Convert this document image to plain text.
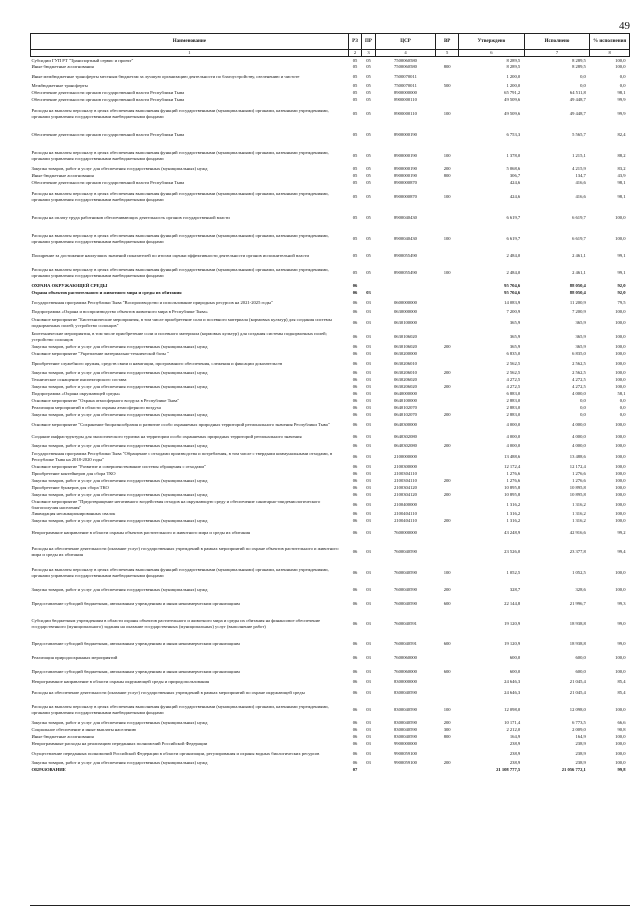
49
Наименование	РЗ	ПР	ЦСР	ВР	Утверждено	Исполнено	% исполнения
1	2	3	4	5	6	7	8
Субсидии ГУП РТ "Транспортный сервис и проект"	05	05	7500060580		8 289,5	8 289,5	100,0
Иные бюджетные ассигнования	05	05	7500060580	800	8 289,5	8 289,5	100,0
Иные межбюджетные трансферты местным бюджетам за лучшую организацию деятельности по благоустройству, озеленению и чистоте	05	05	7500070011		1 200,0	0,0	0,0
Межбюджетные трансферты	05	05	7500070011	500	1 200,0	0,0	0,0
Обеспечение деятельности органов государственной власти Республики Тыва	05	05	8900000000		65 791,2	64 511,8	98,1
Обеспечение деятельности органов государственной власти Республики Тыва	05	05	8900000110		49 509,6	49 448,7	99,9
Расходы на выплаты персоналу в целях обеспечения выполнения функций государственными (муниципальными) органами, казенными учреждениями, органами управления государственными внебюджетными фондами	05	05	8900000110	100	49 509,6	49 448,7	99,9
Обеспечение деятельности органов государственной власти Республики Тыва	05	05	8900000190		6 753,3	5 565,7	82,4
Расходы на выплаты персоналу в целях обеспечения выполнения функций государственными (муниципальными) органами, казенными учреждениями, органами управления государственными внебюджетными фондами	05	05	8900000190	100	1 378,0	1 215,1	88,2
Закупка товаров, работ и услуг для обеспечения государственных (муниципальных) нужд	05	05	8900000190	200	5 068,6	4 215,9	83,2
Иные бюджетные ассигнования	05	05	8900000190	800	306,7	134,7	43,9
Обеспечение деятельности органов государственной власти Республики Тыва	05	05	8900000870		424,6	416,6	98,1
Расходы на выплаты персоналу в целях обеспечения выполнения функций государственными (муниципальными) органами, казенными учреждениями, органами управления государственными внебюджетными фондами	05	05	8900000870	100	424,6	416,6	98,1
Расходы на оплату труда работников обеспечивающих деятельность органов государственной власти	05	05	8900040430		6 619,7	6 619,7	100,0
Расходы на выплаты персоналу в целях обеспечения выполнения функций государственными (муниципальными) органами, казенными учреждениями, органами управления государственными внебюджетными фондами	05	05	8900040430	100	6 619,7	6 619,7	100,0
Поощрение за достижение наилучших значений показателей по итогам оценки эффективности деятельности органов исполнительной власти	05	05	8900055490		2 484,0	2 461,1	99,1
Расходы на выплаты персоналу в целях обеспечения выполнения функций государственными (муниципальными) органами, казенными учреждениями, органами управления государственными внебюджетными фондами	05	05	8900055490	100	2 484,0	2 461,1	99,1
ОХРАНА ОКРУЖАЮЩЕЙ СРЕДЫ	06				95 704,6	88 050,4	92,0
Охрана объектов растительного и животного мира и среды их обитания	06	03			95 704,6	88 050,4	92,0
Государственная программа Республики Тыва "Воспроизводство и использование природных ресурсов на 2021-2025 годы"	06	03	0600000000		14 083,9	11 200,9	79,5
Подпрограмма «Охрана и воспроизводство объектов животного мира в Республике Тыва»	06	03	0630000000		7 200,9	7 200,9	100,0
Основное мероприятие "Биотехнические мероприятия, в том числе приобретение соли и посевного материала (кормовых культур) для создания системы подкормочных полей; устройство солонцов"	06	03	0630100000		365,9	365,9	100,0
Биотехнические мероприятия, в том числе приобретение соли и посевного материала (кормовых культур) для создания системы подкормочных полей; устройство солонцов	06	03	0630106020		365,9	365,9	100,0
Закупка товаров, работ и услуг для обеспечения государственных (муниципальных) нужд	06	03	0630106020	200	365,9	365,9	100,0
Основное мероприятие "Укрепление материально-технической базы "	06	03	0630200000		6 835,0	6 835,0	100,0
Приобретение служебного оружия, средств связи и навигации, программного обеспечения, слежения и фиксации доказательств	06	03	0630206010		2 562,5	2 562,5	100,0
Закупка товаров, работ и услуг для обеспечения государственных (муниципальных) нужд	06	03	0630206010	200	2 562,5	2 562,5	100,0
Техническое оснащение инспекторского состава	06	03	0630206020		4 272,5	4 272,5	100,0
Закупка товаров, работ и услуг для обеспечения государственных (муниципальных) нужд	06	03	0630206020	200	4 272,5	4 272,5	100,0
Подпрограмма «Охрана окружающей среды»	06	03	0640000000		6 883,0	4 000,0	58,1
Основное мероприятие "Охрана атмосферного воздуха в Республике Тыва"	06	03	0640100000		2 883,0	0,0	0,0
Реализация мероприятий в области охраны атмосферного воздуха	06	03	0640102070		2 883,0	0,0	0,0
Закупка товаров, работ и услуг для обеспечения государственных (муниципальных) нужд	06	03	0640102070	200	2 883,0	0,0	0,0
Основное мероприятие "Сохранение биоразнообразия и развитие особо охраняемых природных территорий регионального значения Республики Тыва"	06	03	0640300000		4 000,0	4 000,0	100,0
Создание инфраструктуры для экологического туризма на территории особо охраняемых природных территорий регионального значения	06	03	0640302080		4 000,0	4 000,0	100,0
Закупка товаров, работ и услуг для обеспечения государственных (муниципальных) нужд	06	03	0640302080	200	4 000,0	4 000,0	100,0
Государственная программа Республики Тыва "Обращение с отходами производства и потребления, в том числе с твердыми коммунальными отходами, в Республике Тыва на 2018-2020 годы"	06	03	2100000000		13 488,6	13 488,6	100,0
Основное мероприятие "Развитие и совершенствование системы обращения с отходами"	06	03	2100300000		12 172,4	12 172,4	100,0
Приобретение контейнеров для сбора ТКО	06	03	2100304110		1 276,6	1 276,6	100,0
Закупка товаров, работ и услуг для обеспечения государственных (муниципальных) нужд	06	03	2100304110	200	1 276,6	1 276,6	100,0
Приобретение бункеров для сбора ТКО	06	03	2100304120		10 895,8	10 895,8	100,0
Закупка товаров, работ и услуг для обеспечения государственных (муниципальных) нужд	06	03	2100304120	200	10 895,8	10 895,8	100,0
Основное мероприятие "Предотвращение негативного воздействия отходов на окружающую среду и обеспечение санитарно-эпидемиологического благополучия населения"	06	03	2100400000		1 316,2	1 316,2	100,0
Ликвидация несанкционированных свалок	06	03	2100404110		1 316,2	1 316,2	100,0
Закупка товаров, работ и услуг для обеспечения государственных (муниципальных) нужд	06	03	2100404110	200	1 316,2	1 316,2	100,0
Непрограммное направление в области охраны объектов растительного и животного мира и среды их обитания	06	03	7600000000		43 248,9	42 916,6	99,2
Расходы на обеспечение деятельности (оказание услуг) государственных учреждений в рамках мероприятий по охране объектов растительного и животного мира и среды их обитания	06	03	7600040590		23 526,0	23 377,8	99,4
Расходы на выплаты персоналу в целях обеспечения выполнения функций государственными (муниципальными) органами, казенными учреждениями, органами управления государственными внебюджетными фондами	06	03	7600040590	100	1 052,5	1 052,5	100,0
Закупка товаров, работ и услуг для обеспечения государственных (муниципальных) нужд	06	03	7600040590	200	328,7	328,6	100,0
Предоставление субсидий бюджетным, автономным учреждениям и иным некоммерческим организациям	06	03	7600040590	600	22 144,8	21 996,7	99,3
Субсидии бюджетным учреждениям в области охраны объектов растительного и животного мира и среды их обитания на финансовое обеспечение государственного (муниципального) задания на оказание государственных (муниципальных) услуг (выполнение работ)	06	03	7600040591		19 120,9	18 938,8	99,0
Предоставление субсидий бюджетным, автономным учреждениям и иным некоммерческим организациям	06	03	7600040591	600	19 120,9	18 938,8	99,0
Реализация природоохранных мероприятий	06	03	7600060000		600,0	600,0	100,0
Предоставление субсидий бюджетным, автономным учреждениям и иным некоммерческим организациям	06	03	7600060000	600	600,0	600,0	100,0
Непрограммное направление в области охраны окружающей среды и природопользования	06	03	8300000000		24 646,3	21 045,4	85,4
Расходы на обеспечение деятельности (оказание услуг) государственных учреждений в рамках мероприятий по охране окружающей среды	06	03	8300040590		24 646,3	21 045,4	85,4
Расходы на выплаты персоналу в целях обеспечения выполнения функций государственными (муниципальными) органами, казенными учреждениями, органами управления государственными внебюджетными фондами	06	03	8300040590	100	12 098,0	12 098,0	100,0
Закупка товаров, работ и услуг для обеспечения государственных (муниципальных) нужд	06	03	8300040590	200	10 171,4	6 773,5	66,6
Социальное обеспечение и иные выплаты населению	06	03	8300040590	300	2 212,0	2 009,0	90,8
Иные бюджетные ассигнования	06	03	8300040590	800	164,9	164,9	100,0
Непрограммные расходы на реализацию переданных полномочий Российской Федерации	06	03	9900000000		238,9	238,9	100,0
Осуществление переданных полномочий Российской Федерации в области организации, регулирования и охраны водных биологических ресурсов	06	03	9900059100		238,9	238,9	100,0
Закупка товаров, работ и услуг для обеспечения государственных (муниципальных) нужд	06	03	9900059100	200	238,9	238,9	100,0
ОБРАЗОВАНИЕ	07				21 108 777,5	21 056 772,1	99,8
